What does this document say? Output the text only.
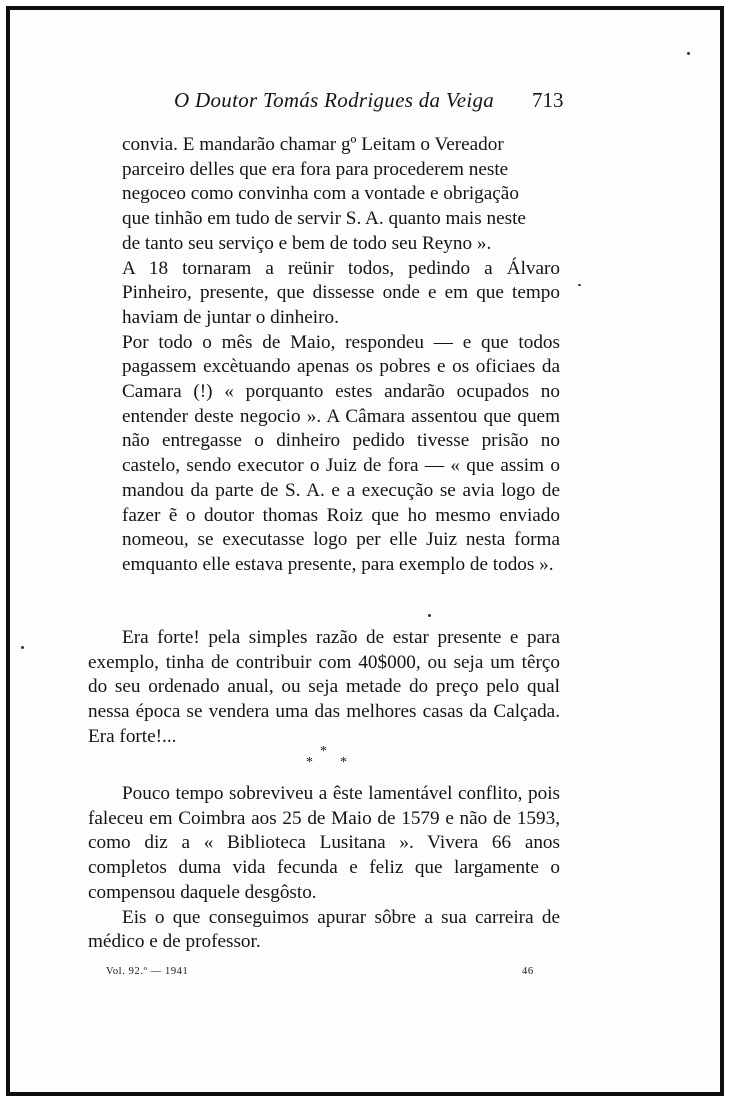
O Doutor Tomás Rodrigues da Veiga 713

convia. E mandarão chamar gº Leitam o Vereador

parceiro delles que era fora para procederem neste

negoceo como convinha com a vontade e obrigação

que tinhão em tudo de servir S. A. quanto mais neste

de tanto seu serviço e bem de todo seu Reyno ».

A 18 tornaram a reünir todos, pedindo a Álvaro Pinheiro, presente, que dissesse onde e em que tempo haviam de juntar o dinheiro.

Por todo o mês de Maio, respondeu — e que todos pagassem excètuando apenas os pobres e os oficiaes da Camara (!) « porquanto estes andarão ocupados no entender deste negocio ». A Câmara assentou que quem não entregasse o dinheiro pedido tivesse prisão no castelo, sendo executor o Juiz de fora — « que assim o mandou da parte de S. A. e a execução se avia logo de fazer ẽ o doutor thomas Roiz que ho mesmo enviado nomeou, se executasse logo per elle Juiz nesta forma emquanto elle estava presente, para exemplo de todos ».

Era forte! pela simples razão de estar presente e para exemplo, tinha de contribuir com 40$000, ou seja um têrço do seu ordenado anual, ou seja metade do preço pelo qual nessa época se vendera uma das melhores casas da Calçada. Era forte!...

*
* *

Pouco tempo sobreviveu a êste lamentável conflito, pois faleceu em Coimbra aos 25 de Maio de 1579 e não de 1593, como diz a « Biblioteca Lusitana ». Vivera 66 anos completos duma vida fecunda e feliz que largamente o compensou daquele desgôsto.

Eis o que conseguimos apurar sôbre a sua carreira de médico e de professor.

Vol. 92.º — 1941	46
